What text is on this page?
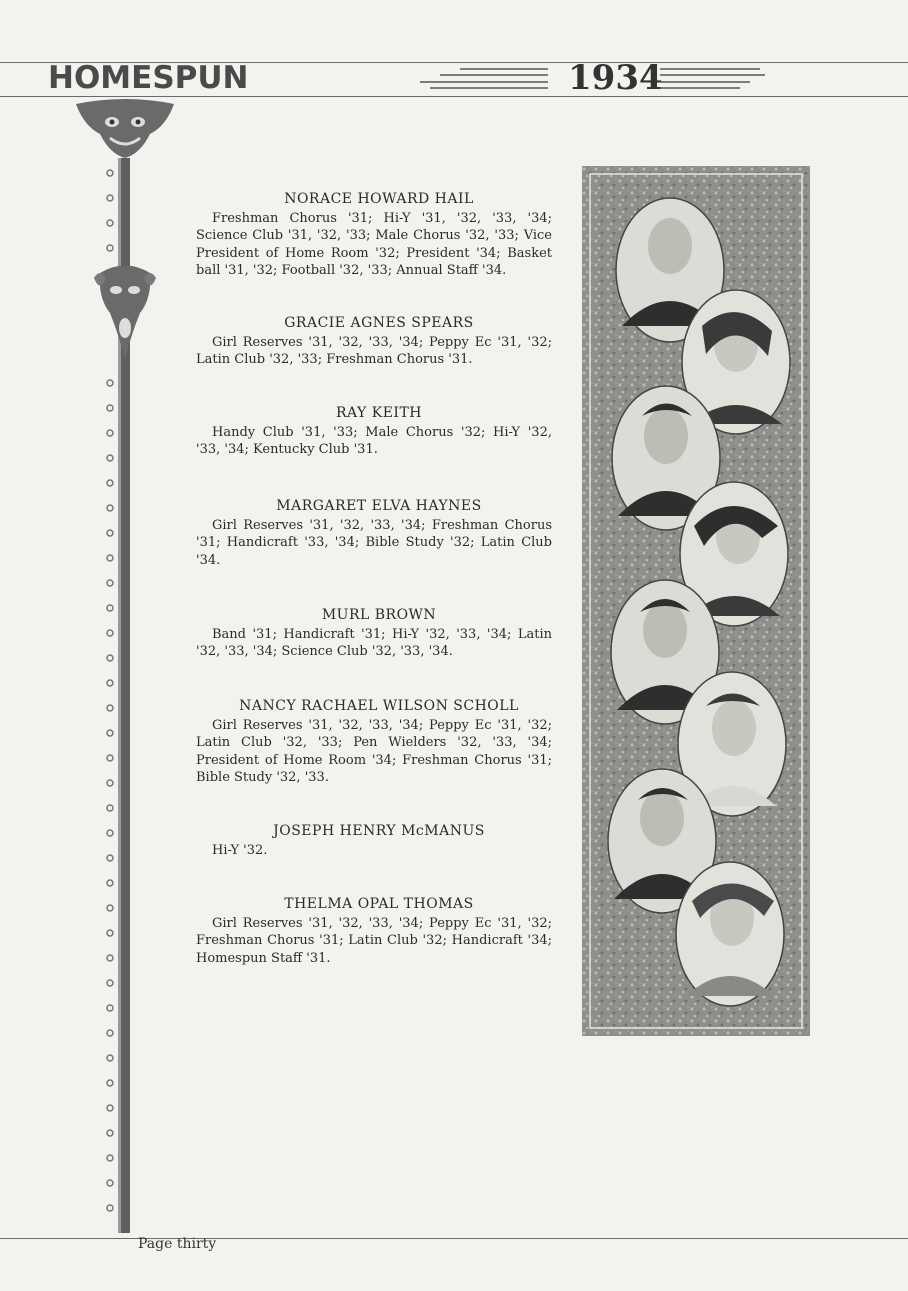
HOMESPUN	1934
NORACE HOWARD HAIL
Freshman Chorus '31; Hi-Y '31, '32, '33, '34; Science Club '31, '32, '33; Male Chorus '32, '33; Vice President of Home Room '32; President '34; Basket ball '31, '32; Football '32, '33; Annual Staff '34.
GRACIE AGNES SPEARS
Girl Reserves '31, '32, '33, '34; Peppy Ec '31, '32; Latin Club '32, '33; Freshman Chorus '31.
RAY KEITH
Handy Club '31, '33; Male Chorus '32; Hi-Y '32, '33, '34; Kentucky Club '31.
MARGARET ELVA HAYNES
Girl Reserves '31, '32, '33, '34; Freshman Chorus '31; Handicraft '33, '34; Bible Study '32; Latin Club '34.
MURL BROWN
Band '31; Handicraft '31; Hi-Y '32, '33, '34; Latin '32, '33, '34; Science Club '32, '33, '34.
NANCY RACHAEL WILSON SCHOLL
Girl Reserves '31, '32, '33, '34; Peppy Ec '31, '32; Latin Club '32, '33; Pen Wielders '32, '33, '34; President of Home Room '34; Freshman Chorus '31; Bible Study '32, '33.
JOSEPH HENRY McMANUS
Hi-Y '32.
THELMA OPAL THOMAS
Girl Reserves '31, '32, '33, '34; Peppy Ec '31, '32; Freshman Chorus '31; Latin Club '32; Handicraft '34; Homespun Staff '31.
Page thirty
